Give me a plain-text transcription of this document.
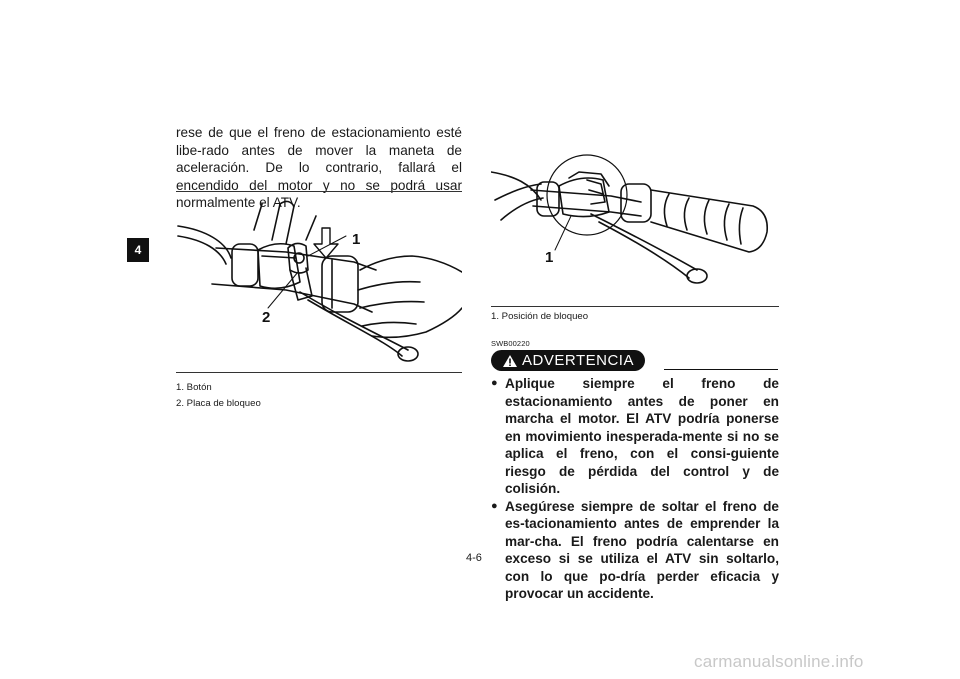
4

rese de que el freno de estacionamiento esté libe-rado antes de mover la maneta de aceleración. De lo contrario, fallará el encendido del motor y no se podrá usar normalmente el ATV.

1
2
1. Botón
2. Placa de bloqueo
1
1. Posición de bloqueo
SWB00220
ADVERTENCIA
● Aplique siempre el freno de estacionamiento antes de poner en marcha el motor. El ATV podría ponerse en movimiento inesperada-mente si no se aplica el freno, con el consi-guiente riesgo de pérdida del control y de colisión.
● Asegúrese siempre de soltar el freno de es-tacionamiento antes de emprender la mar-cha. El freno podría calentarse en exceso si se utiliza el ATV sin soltarlo, con lo que po-dría perder eficacia y provocar un accidente.
4-6
carmanualsonline.info
